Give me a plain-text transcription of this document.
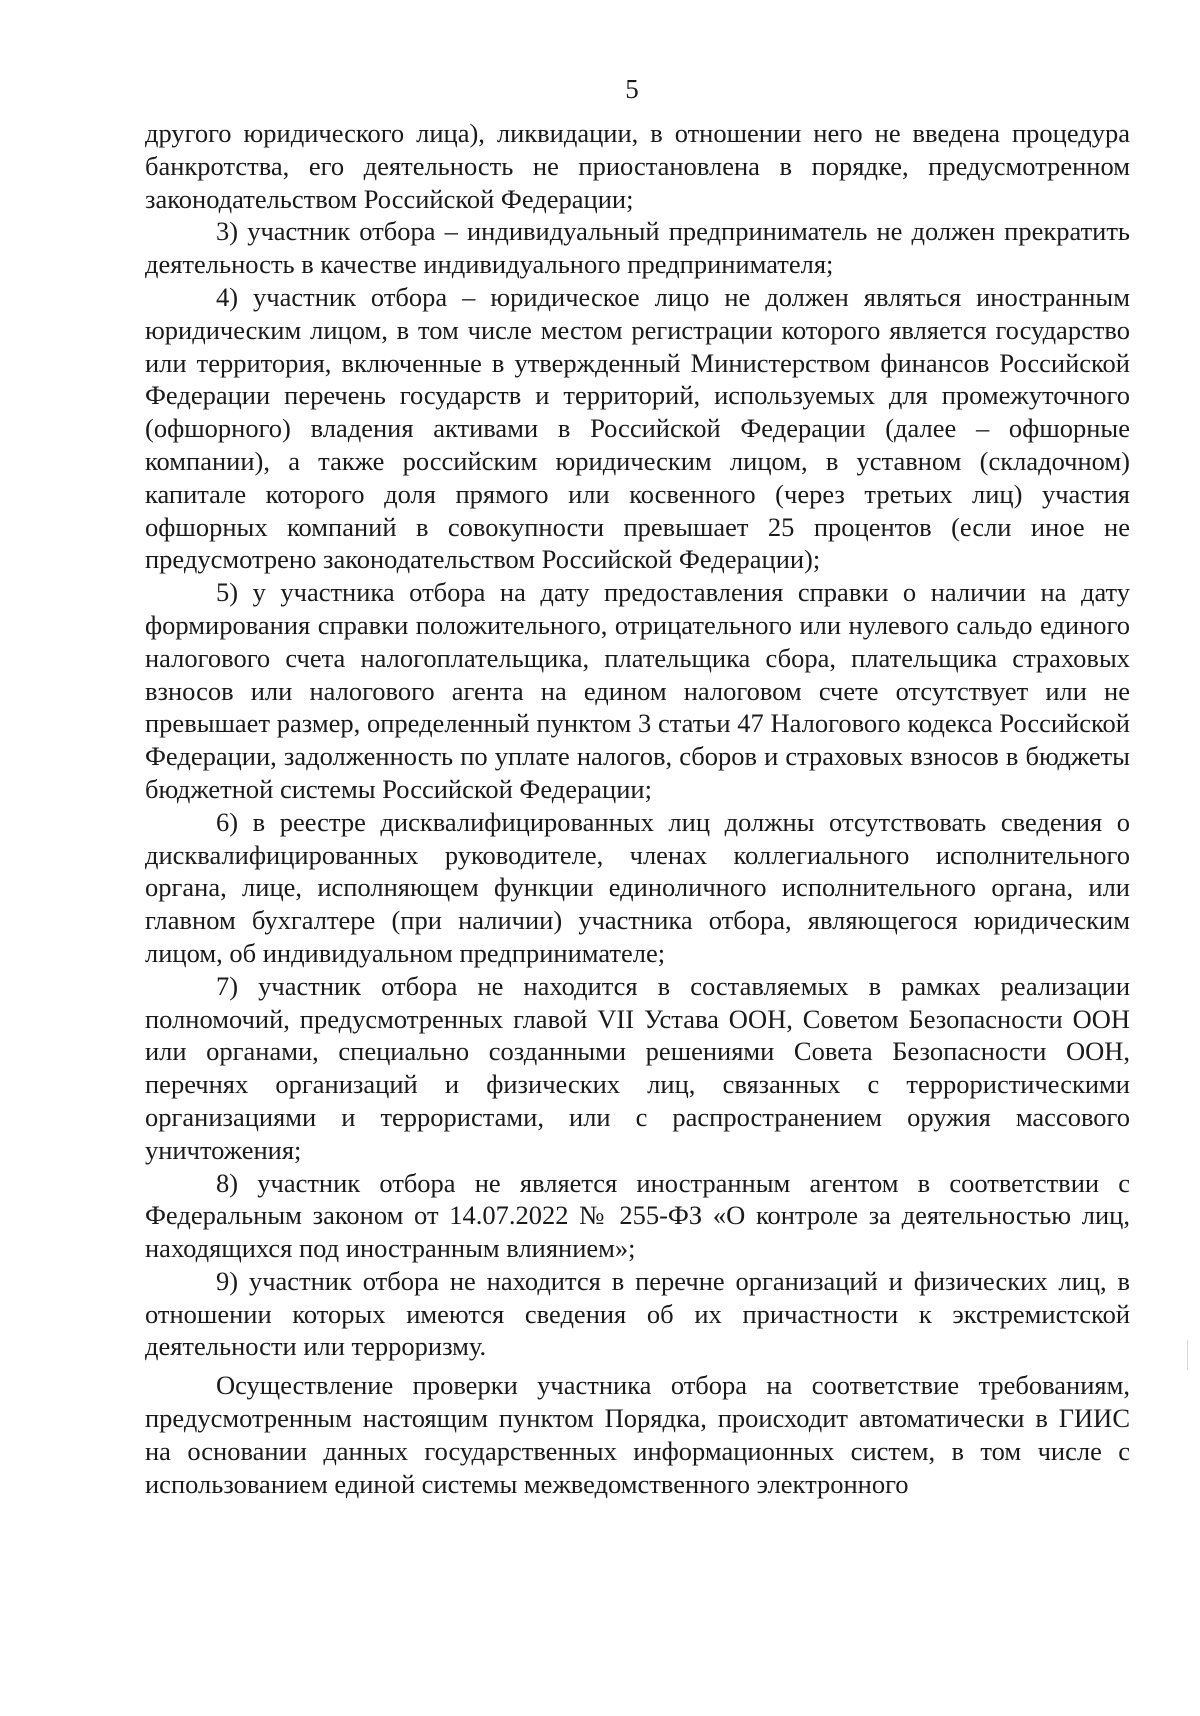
5

другого юридического лица), ликвидации, в отношении него не введена процедура банкротства, его деятельность не приостановлена в порядке, предусмотренном законодательством Российской Федерации;

3) участник отбора – индивидуальный предприниматель не должен прекратить деятельность в качестве индивидуального предпринимателя;

4) участник отбора – юридическое лицо не должен являться иностранным юридическим лицом, в том числе местом регистрации которого является государство или территория, включенные в утвержденный Министерством финансов Российской Федерации перечень государств и территорий, используемых для промежуточного (офшорного) владения активами в Российской Федерации (далее – офшорные компании), а также российским юридическим лицом, в уставном (складочном) капитале которого доля прямого или косвенного (через третьих лиц) участия офшорных компаний в совокупности превышает 25 процентов (если иное не предусмотрено законодательством Российской Федерации);

5) у участника отбора на дату предоставления справки о наличии на дату формирования справки положительного, отрицательного или нулевого сальдо единого налогового счета налогоплательщика, плательщика сбора, плательщика страховых взносов или налогового агента на едином налоговом счете отсутствует или не превышает размер, определенный пунктом 3 статьи 47 Налогового кодекса Российской Федерации, задолженность по уплате налогов, сборов и страховых взносов в бюджеты бюджетной системы Российской Федерации;

6) в реестре дисквалифицированных лиц должны отсутствовать сведения о дисквалифицированных руководителе, членах коллегиального исполнительного органа, лице, исполняющем функции единоличного исполнительного органа, или главном бухгалтере (при наличии) участника отбора, являющегося юридическим лицом, об индивидуальном предпринимателе;

7) участник отбора не находится в составляемых в рамках реализации полномочий, предусмотренных главой VII Устава ООН, Советом Безопасности ООН или органами, специально созданными решениями Совета Безопасности ООН, перечнях организаций и физических лиц, связанных с террористическими организациями и террористами, или с распространением оружия массового уничтожения;

8) участник отбора не является иностранным агентом в соответствии с Федеральным законом от 14.07.2022 № 255-ФЗ «О контроле за деятельностью лиц, находящихся под иностранным влиянием»;

9) участник отбора не находится в перечне организаций и физических лиц, в отношении которых имеются сведения об их причастности к экстремистской деятельности или терроризму.

Осуществление проверки участника отбора на соответствие требованиям, предусмотренным настоящим пунктом Порядка, происходит автоматически в ГИИС на основании данных государственных информационных систем, в том числе с использованием единой системы межведомственного электронного
